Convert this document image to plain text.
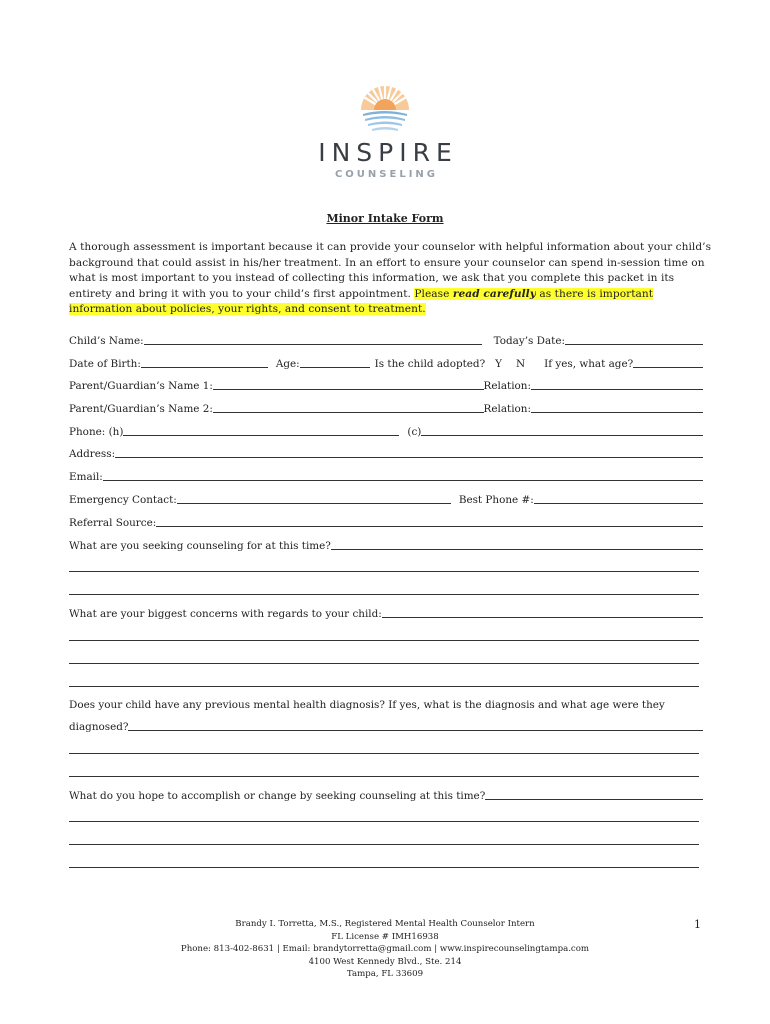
INSPIRE
COUNSELING
Minor Intake Form
A thorough assessment is important because it can provide your counselor with helpful information about your child’s
background that could assist in his/her treatment. In an effort to ensure your counselor can spend in-session time on
what is most important to you instead of collecting this information, we ask that you complete this packet in its
entirety and bring it with you to your child’s first appointment. Please read carefully as there is important
information about policies, your rights, and consent to treatment.
Child’s Name:	Today’s Date:
Date of Birth:	Age:	Is the child adopted? Y N If yes, what age?
Parent/Guardian’s Name 1:	Relation:
Parent/Guardian’s Name 2:	Relation:
Phone: (h)	(c)
Address:
Email:
Emergency Contact:	Best Phone #:
Referral Source:
What are you seeking counseling for at this time?
What are your biggest concerns with regards to your child:
Does your child have any previous mental health diagnosis? If yes, what is the diagnosis and what age were they
diagnosed?
What do you hope to accomplish or change by seeking counseling at this time?
Brandy I. Torretta, M.S., Registered Mental Health Counselor Intern
FL License # IMH16938
Phone: 813-402-8631 | Email: brandytorretta@gmail.com | www.inspirecounselingtampa.com
4100 West Kennedy Blvd., Ste. 214
Tampa, FL 33609
1
